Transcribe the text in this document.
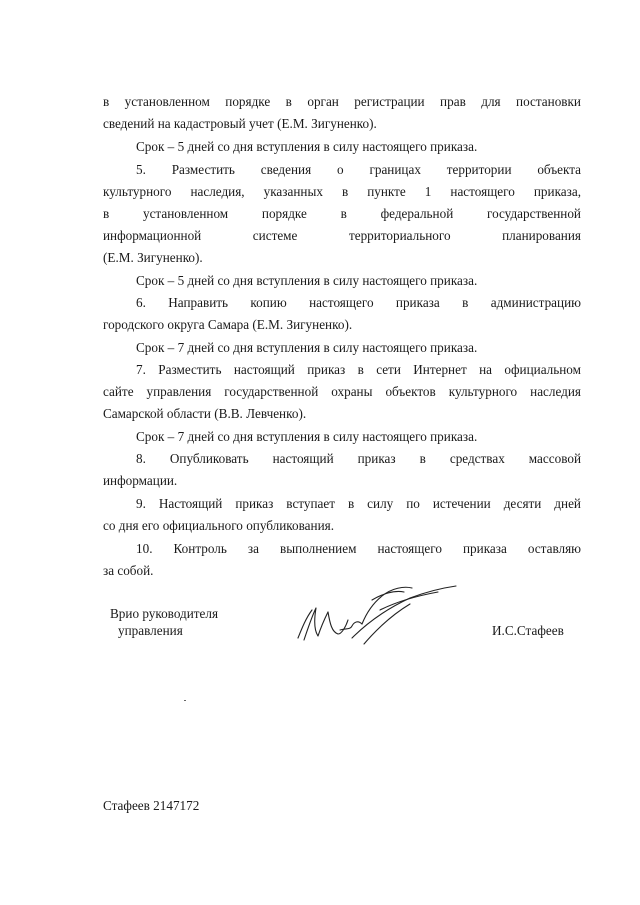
в установленном порядке в орган регистрации прав для постановки
сведений на кадастровый учет (Е.М. Зигуненко).
Срок – 5 дней со дня вступления в силу настоящего приказа.
5. Разместить сведения о границах территории объекта
культурного наследия, указанных в пункте 1 настоящего приказа,
в установленном порядке в федеральной государственной
информационной системе территориального планирования
(Е.М. Зигуненко).
Срок – 5 дней со дня вступления в силу настоящего приказа.
6. Направить копию настоящего приказа в администрацию
городского округа Самара (Е.М. Зигуненко).
Срок – 7 дней со дня вступления в силу настоящего приказа.
7. Разместить настоящий приказ в сети Интернет на официальном
сайте управления государственной охраны объектов культурного наследия
Самарской области (В.В. Левченко).
Срок – 7 дней со дня вступления в силу настоящего приказа.
8. Опубликовать настоящий приказ в средствах массовой
информации.
9. Настоящий приказ вступает в силу по истечении десяти дней
со дня его официального опубликования.
10. Контроль за выполнением настоящего приказа оставляю
за собой.
Врио руководителя
управления	И.С.Стафеев
Стафеев 2147172
